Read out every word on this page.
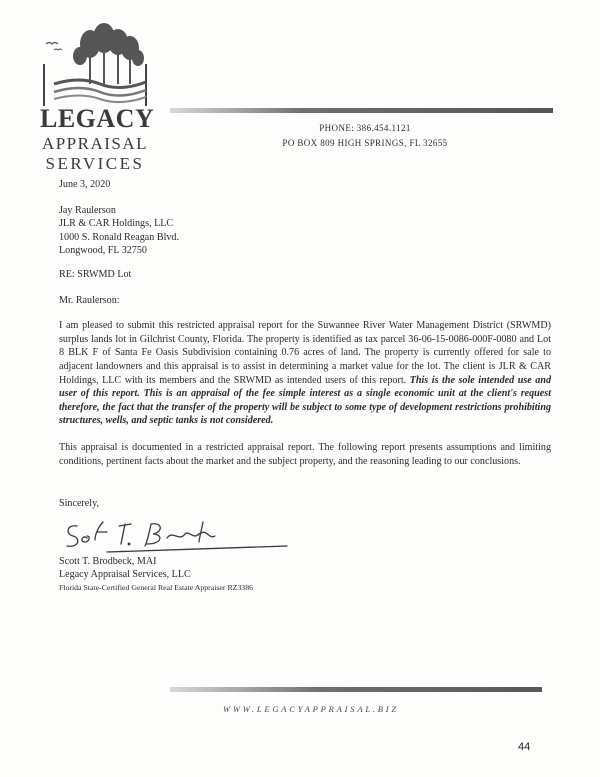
LEGACY
APPRAISAL
SERVICES
PHONE: 386.454.1121
PO BOX 809 HIGH SPRINGS, FL 32655

June 3, 2020

Jay Raulerson

JLR & CAR Holdings, LLC

1000 S. Ronald Reagan Blvd.

Longwood, FL 32750

RE: SRWMD Lot

Mr. Raulerson:

I am pleased to submit this restricted appraisal report for the Suwannee River Water Management District (SRWMD) surplus lands lot in Gilchrist County, Florida. The property is identified as tax parcel 36-06-15-0086-000F-0080 and Lot 8 BLK F of Santa Fe Oasis Subdivision containing 0.76 acres of land. The property is currently offered for sale to adjacent landowners and this appraisal is to assist in determining a market value for the lot. The client is JLR & CAR Holdings, LLC with its members and the SRWMD as intended users of this report. This is the sole intended use and user of this report. This is an appraisal of the fee simple interest as a single economic unit at the client's request therefore, the fact that the transfer of the property will be subject to some type of development restrictions prohibiting structures, wells, and septic tanks is not considered.

This appraisal is documented in a restricted appraisal report. The following report presents assumptions and limiting conditions, pertinent facts about the market and the subject property, and the reasoning leading to our conclusions.

Sincerely,
Scott T. Brodbeck, MAI
Legacy Appraisal Services, LLC
Florida State-Certified General Real Estate Appraiser RZ3386
WWW.LEGACYAPPRAISAL.BIZ
44
